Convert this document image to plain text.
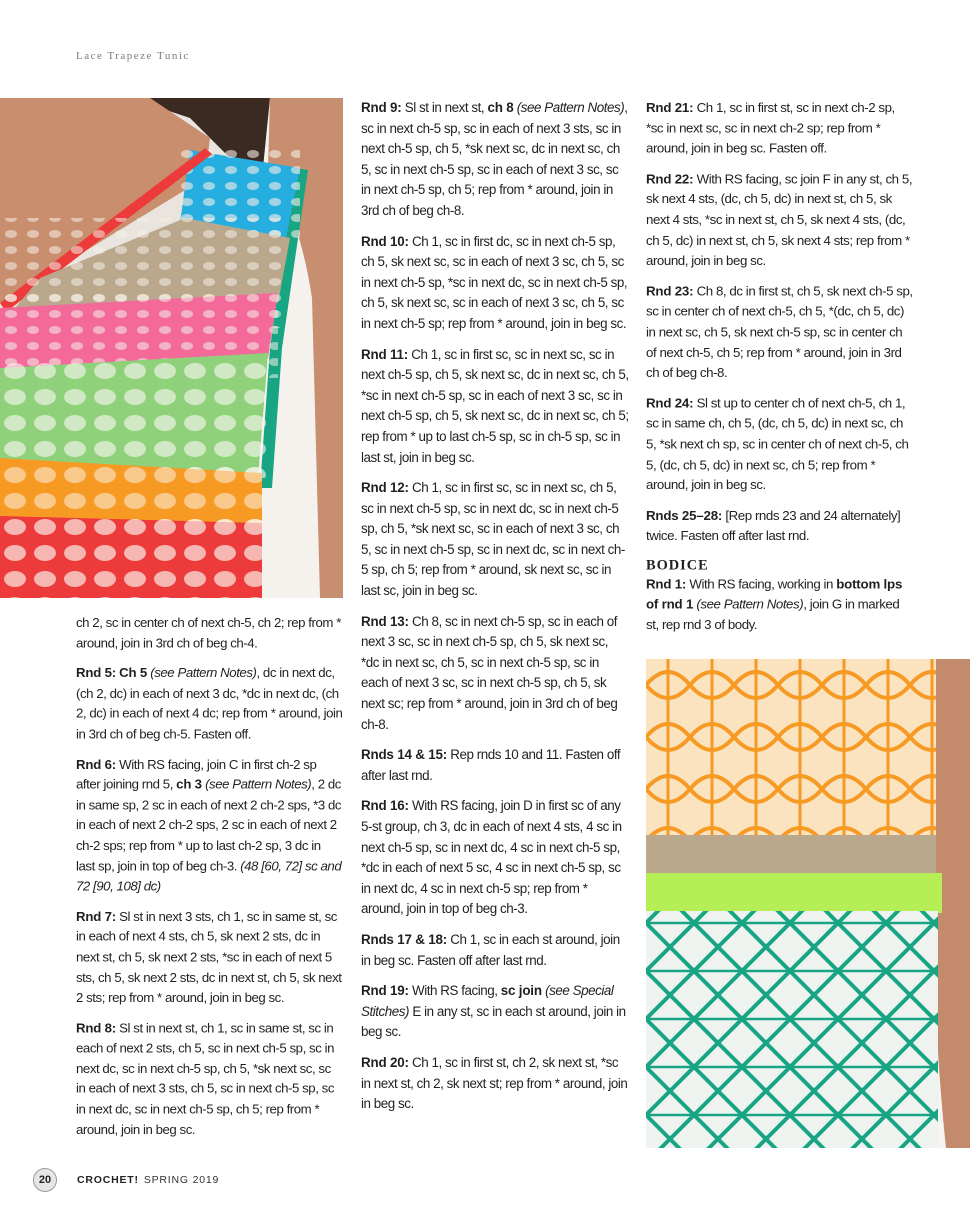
Lace Trapeze Tunic

ch 2, sc in center ch of next ch-5, ch 2; rep from * around, join in 3rd ch of beg ch-4.

Rnd 5: Ch 5 (see Pattern Notes), dc in next dc, (ch 2, dc) in each of next 3 dc, *dc in next dc, (ch 2, dc) in each of next 4 dc; rep from * around, join in 3rd ch of beg ch-5. Fasten off.

Rnd 6: With RS facing, join C in first ch-2 sp after joining rnd 5, ch 3 (see Pattern Notes), 2 dc in same sp, 2 sc in each of next 2 ch-2 sps, *3 dc in each of next 2 ch-2 sps, 2 sc in each of next 2 ch-2 sps; rep from * up to last ch-2 sp, 3 dc in last sp, join in top of beg ch-3. (48 [60, 72] sc and 72 [90, 108] dc)

Rnd 7: Sl st in next 3 sts, ch 1, sc in same st, sc in each of next 4 sts, ch 5, sk next 2 sts, dc in next st, ch 5, sk next 2 sts, *sc in each of next 5 sts, ch 5, sk next 2 sts, dc in next st, ch 5, sk next 2 sts; rep from * around, join in beg sc.

Rnd 8: Sl st in next st, ch 1, sc in same st, sc in each of next 2 sts, ch 5, sc in next ch-5 sp, sc in next dc, sc in next ch-5 sp, ch 5, *sk next sc, sc in each of next 3 sts, ch 5, sc in next ch-5 sp, sc in next dc, sc in next ch-5 sp, ch 5; rep from * around, join in beg sc.

Rnd 9: Sl st in next st, ch 8 (see Pattern Notes), sc in next ch-5 sp, sc in each of next 3 sts, sc in next ch-5 sp, ch 5, *sk next sc, dc in next sc, ch 5, sc in next ch-5 sp, sc in each of next 3 sc, sc in next ch-5 sp, ch 5; rep from * around, join in 3rd ch of beg ch-8.

Rnd 10: Ch 1, sc in first dc, sc in next ch-5 sp, ch 5, sk next sc, sc in each of next 3 sc, ch 5, sc in next ch-5 sp, *sc in next dc, sc in next ch-5 sp, ch 5, sk next sc, sc in each of next 3 sc, ch 5, sc in next ch-5 sp; rep from * around, join in beg sc.

Rnd 11: Ch 1, sc in first sc, sc in next sc, sc in next ch-5 sp, ch 5, sk next sc, dc in next sc, ch 5, *sc in next ch-5 sp, sc in each of next 3 sc, sc in next ch-5 sp, ch 5, sk next sc, dc in next sc, ch 5; rep from * up to last ch-5 sp, sc in ch-5 sp, sc in last st, join in beg sc.

Rnd 12: Ch 1, sc in first sc, sc in next sc, ch 5, sc in next ch-5 sp, sc in next dc, sc in next ch-5 sp, ch 5, *sk next sc, sc in each of next 3 sc, ch 5, sc in next ch-5 sp, sc in next dc, sc in next ch-5 sp, ch 5; rep from * around, sk next sc, sc in last sc, join in beg sc.

Rnd 13: Ch 8, sc in next ch-5 sp, sc in each of next 3 sc, sc in next ch-5 sp, ch 5, sk next sc, *dc in next sc, ch 5, sc in next ch-5 sp, sc in each of next 3 sc, sc in next ch-5 sp, ch 5, sk next sc; rep from * around, join in 3rd ch of beg ch-8.

Rnds 14 & 15: Rep rnds 10 and 11. Fasten off after last rnd.

Rnd 16: With RS facing, join D in first sc of any 5-st group, ch 3, dc in each of next 4 sts, 4 sc in next ch-5 sp, sc in next dc, 4 sc in next ch-5 sp, *dc in each of next 5 sc, 4 sc in next ch-5 sp, sc in next dc, 4 sc in next ch-5 sp; rep from * around, join in top of beg ch-3.

Rnds 17 & 18: Ch 1, sc in each st around, join in beg sc. Fasten off after last rnd.

Rnd 19: With RS facing, sc join (see Special Stitches) E in any st, sc in each st around, join in beg sc.

Rnd 20: Ch 1, sc in first st, ch 2, sk next st, *sc in next st, ch 2, sk next st; rep from * around, join in beg sc.

Rnd 21: Ch 1, sc in first st, sc in next ch-2 sp, *sc in next sc, sc in next ch-2 sp; rep from * around, join in beg sc. Fasten off.

Rnd 22: With RS facing, sc join F in any st, ch 5, sk next 4 sts, (dc, ch 5, dc) in next st, ch 5, sk next 4 sts, *sc in next st, ch 5, sk next 4 sts, (dc, ch 5, dc) in next st, ch 5, sk next 4 sts; rep from * around, join in beg sc.

Rnd 23: Ch 8, dc in first st, ch 5, sk next ch-5 sp, sc in center ch of next ch-5, ch 5, *(dc, ch 5, dc) in next sc, ch 5, sk next ch-5 sp, sc in center ch of next ch-5, ch 5; rep from * around, join in 3rd ch of beg ch-8.

Rnd 24: Sl st up to center ch of next ch-5, ch 1, sc in same ch, ch 5, (dc, ch 5, dc) in next sc, ch 5, *sk next ch sp, sc in center ch of next ch-5, ch 5, (dc, ch 5, dc) in next sc, ch 5; rep from * around, join in beg sc.

Rnds 25–28: [Rep rnds 23 and 24 alternately] twice. Fasten off after last rnd.

BODICE

Rnd 1: With RS facing, working in bottom lps of rnd 1 (see Pattern Notes), join G in marked st, rep rnd 3 of body.

20	CROCHET! SPRING 2019
